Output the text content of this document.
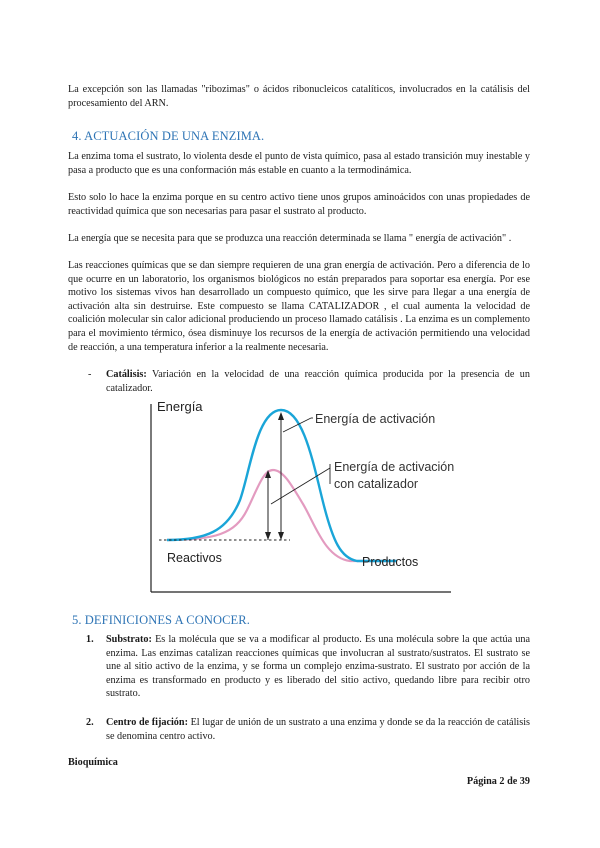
La excepción son las llamadas "ribozimas" o ácidos ribonucleicos catalíticos, involucrados en la catálisis del procesamiento del ARN.

4. ACTUACIÓN DE UNA ENZIMA.

La enzima toma el sustrato, lo violenta desde el punto de vista químico, pasa al estado transición muy inestable y pasa a producto que es una conformación más estable en cuanto a la termodinámica.

Esto solo lo hace la enzima porque en su centro activo tiene unos grupos aminoácidos con unas propiedades de reactividad química que son necesarias para pasar el sustrato al producto.

La energía que se necesita para que se produzca una reacción determinada se llama " energía de activación" .

Las reacciones químicas que se dan siempre requieren de una gran energía de activación. Pero a diferencia de lo que ocurre en un laboratorio, los organismos biológicos no están preparados para soportar esa energía. Por ese motivo los sistemas vivos han desarrollado un compuesto químico, que les sirve para llegar a una energía de activación alta sin destruirse. Este compuesto se llama CATALIZADOR , el cual aumenta la velocidad de coalición molecular sin calor adicional produciendo un proceso llamado catálisis . La enzima es un complemento para el movimiento térmico, ósea disminuye los recursos de la energía de activación permitiendo una velocidad de reacción, a una temperatura inferior a la realmente necesaria.

- Catálisis: Variación en la velocidad de una reacción química producida por la presencia de un catalizador.
Energía
Energía de activación
Energía de activación
con catalizador
Reactivos	Productos
5. DEFINICIONES A CONOCER.
1. Substrato: Es la molécula que se va a modificar al producto. Es una molécula sobre la que actúa una enzima. Las enzimas catalizan reacciones químicas que involucran al sustrato/sustratos. El sustrato se une al sitio activo de la enzima, y se forma un complejo enzima-sustrato. El sustrato por acción de la enzima es transformado en producto y es liberado del sitio activo, quedando libre para recibir otro sustrato.
2. Centro de fijación: El lugar de unión de un sustrato a una enzima y donde se da la reacción de catálisis se denomina centro activo.
Bioquímica
Página 2 de 39
